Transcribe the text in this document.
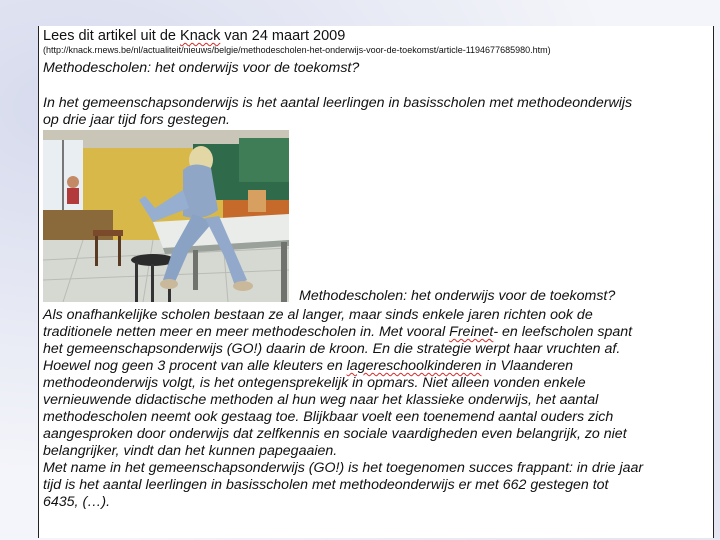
Lees dit artikel uit de Knack van 24 maart 2009
(http://knack.rnews.be/nl/actualiteit/nieuws/belgie/methodescholen-het-onderwijs-voor-de-toekomst/article-1194677685980.htm)
Methodescholen: het onderwijs voor de toekomst?
In het gemeenschapsonderwijs is het aantal leerlingen in basisscholen met methodeonderwijs
op drie jaar tijd fors gestegen.
Methodescholen: het onderwijs voor de toekomst?
Als onafhankelijke scholen bestaan ze al langer, maar sinds enkele jaren richten ook de
traditionele netten meer en meer methodescholen in. Met vooral Freinet- en leefscholen spant
het gemeenschapsonderwijs (GO!) daarin de kroon. En die strategie werpt haar vruchten af.
Hoewel nog geen 3 procent van alle kleuters en lagereschoolkinderen in Vlaanderen
methodeonderwijs volgt, is het ontegensprekelijk in opmars. Niet alleen vonden enkele
vernieuwende didactische methoden al hun weg naar het klassieke onderwijs, het aantal
methodescholen neemt ook gestaag toe. Blijkbaar voelt een toenemend aantal ouders zich
aangesproken door onderwijs dat zelfkennis en sociale vaardigheden even belangrijk, zo niet
belangrijker, vindt dan het kunnen papegaaien.
Met name in het gemeenschapsonderwijs (GO!) is het toegenomen succes frappant: in drie jaar
tijd is het aantal leerlingen in basisscholen met methodeonderwijs er met 662 gestegen tot
6435, (…).
